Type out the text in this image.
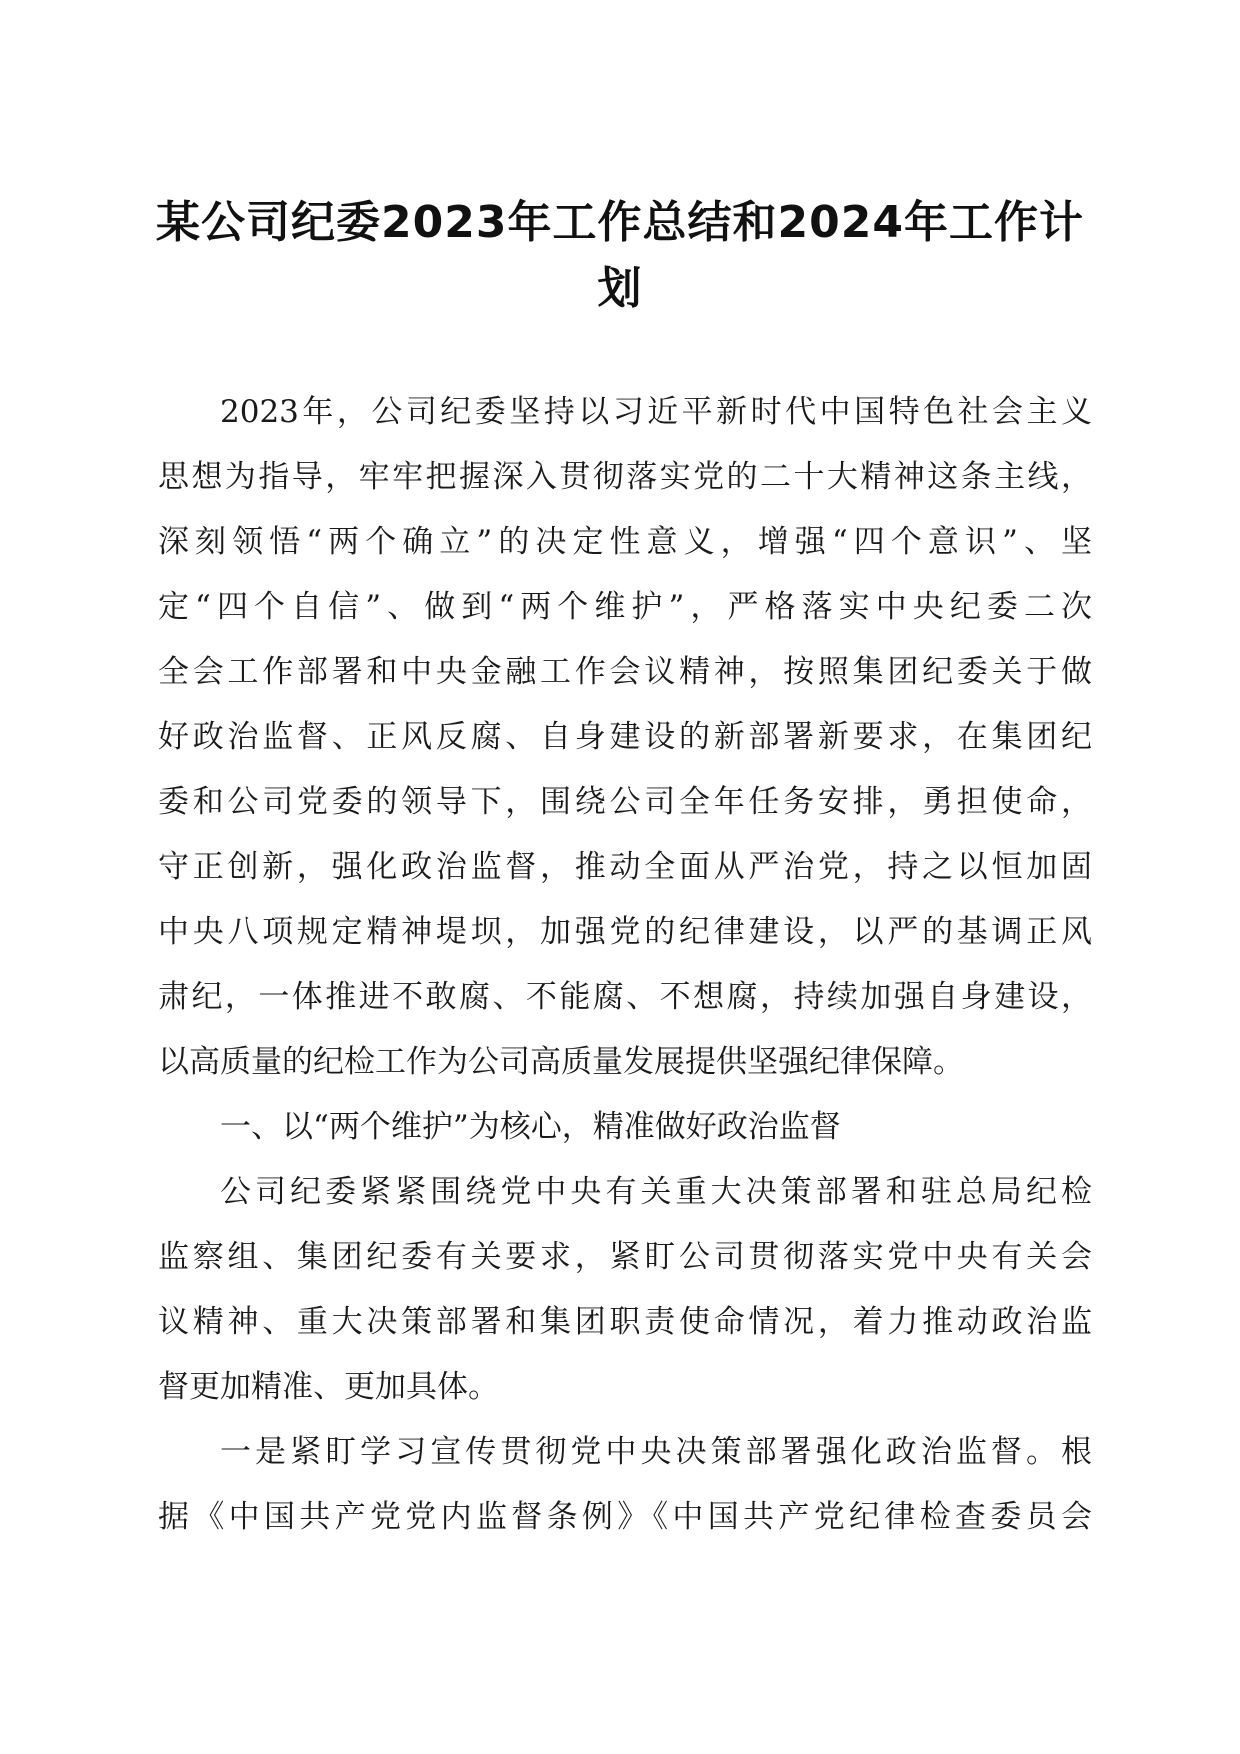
某公司纪委2023年工作总结和2024年工作计
划
2023年，公司纪委坚持以习近平新时代中国特色社会主义
思想为指导，牢牢把握深入贯彻落实党的二十大精神这条主线，
深刻领悟“两个确立”的决定性意义，增强“四个意识”、坚
定“四个自信”、做到“两个维护”，严格落实中央纪委二次
全会工作部署和中央金融工作会议精神，按照集团纪委关于做
好政治监督、正风反腐、自身建设的新部署新要求，在集团纪
委和公司党委的领导下，围绕公司全年任务安排，勇担使命，
守正创新，强化政治监督，推动全面从严治党，持之以恒加固
中央八项规定精神堤坝，加强党的纪律建设，以严的基调正风
肃纪，一体推进不敢腐、不能腐、不想腐，持续加强自身建设，
以高质量的纪检工作为公司高质量发展提供坚强纪律保障。
一、以“两个维护”为核心，精准做好政治监督
公司纪委紧紧围绕党中央有关重大决策部署和驻总局纪检
监察组、集团纪委有关要求，紧盯公司贯彻落实党中央有关会
议精神、重大决策部署和集团职责使命情况，着力推动政治监
督更加精准、更加具体。
一是紧盯学习宣传贯彻党中央决策部署强化政治监督。根
据《中国共产党党内监督条例》《中国共产党纪律检查委员会
